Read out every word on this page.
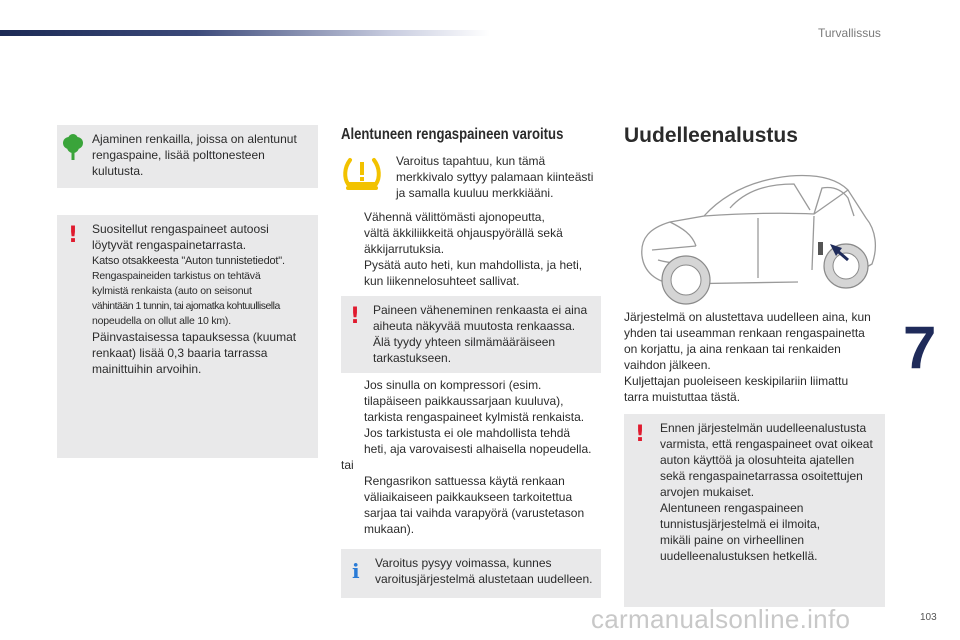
Turvallissus
Ajaminen renkailla, joissa on alentunut rengaspaine, lisää polttonesteen kulutusta.
! Suositellut rengaspaineet autoosi
löytyvät rengaspainetarrasta.
Katso otsakkeesta "Auton tunnistetiedot".
Rengaspaineiden tarkistus on tehtävä
kylmistä renkaista (auto on seisonut
vähintään 1 tunnin, tai ajomatka kohtuullisella
nopeudella on ollut alle 10 km).
Päinvastaisessa tapauksessa (kuumat
renkaat) lisää 0,3 baaria tarrassa
mainittuihin arvoihin.
Alentuneen rengaspaineen varoitus
Varoitus tapahtuu, kun tämä
merkkivalo syttyy palamaan kiinteästi
ja samalla kuuluu merkkiääni.
Vähennä välittömästi ajonopeutta,
vältä äkkiliikkeitä ohjauspyörällä sekä
äkkijarrutuksia.
Pysätä auto heti, kun mahdollista, ja heti,
kun liikennelosuhteet sallivat.
! Paineen väheneminen renkaasta ei aina
aiheuta näkyvää muutosta renkaassa.
Älä tyydy yhteen silmämääräiseen
tarkastukseen.
Jos sinulla on kompressori (esim.
tilapäiseen paikkaussarjaan kuuluva),
tarkista rengaspaineet kylmistä renkaista.
Jos tarkistusta ei ole mahdollista tehdä
heti, aja varovaisesti alhaisella nopeudella.
tai
Rengasrikon sattuessa käytä renkaan
väliaikaiseen paikkaukseen tarkoitettua
sarjaa tai vaihda varapyörä (varustetason
mukaan).
i Varoitus pysyy voimassa, kunnes
varoitusjärjestelmä alustetaan uudelleen.
Uudelleenalustus
Järjestelmä on alustettava uudelleen aina, kun
yhden tai useamman renkaan rengaspainetta
on korjattu, ja aina renkaan tai renkaiden
vaihdon jälkeen.
Kuljettajan puoleiseen keskipilariin liimattu
tarra muistuttaa tästä.
! Ennen järjestelmän uudelleenalustusta
varmista, että rengaspaineet ovat oikeat
auton käyttöä ja olosuhteita ajatellen
sekä rengaspainetarrassa osoitettujen
arvojen mukaiset.
Alentuneen rengaspaineen
tunnistusjärjestelmä ei ilmoita,
mikäli paine on virheellinen
uudelleenalustuksen hetkellä.
7
carmanualsonline.info	103
